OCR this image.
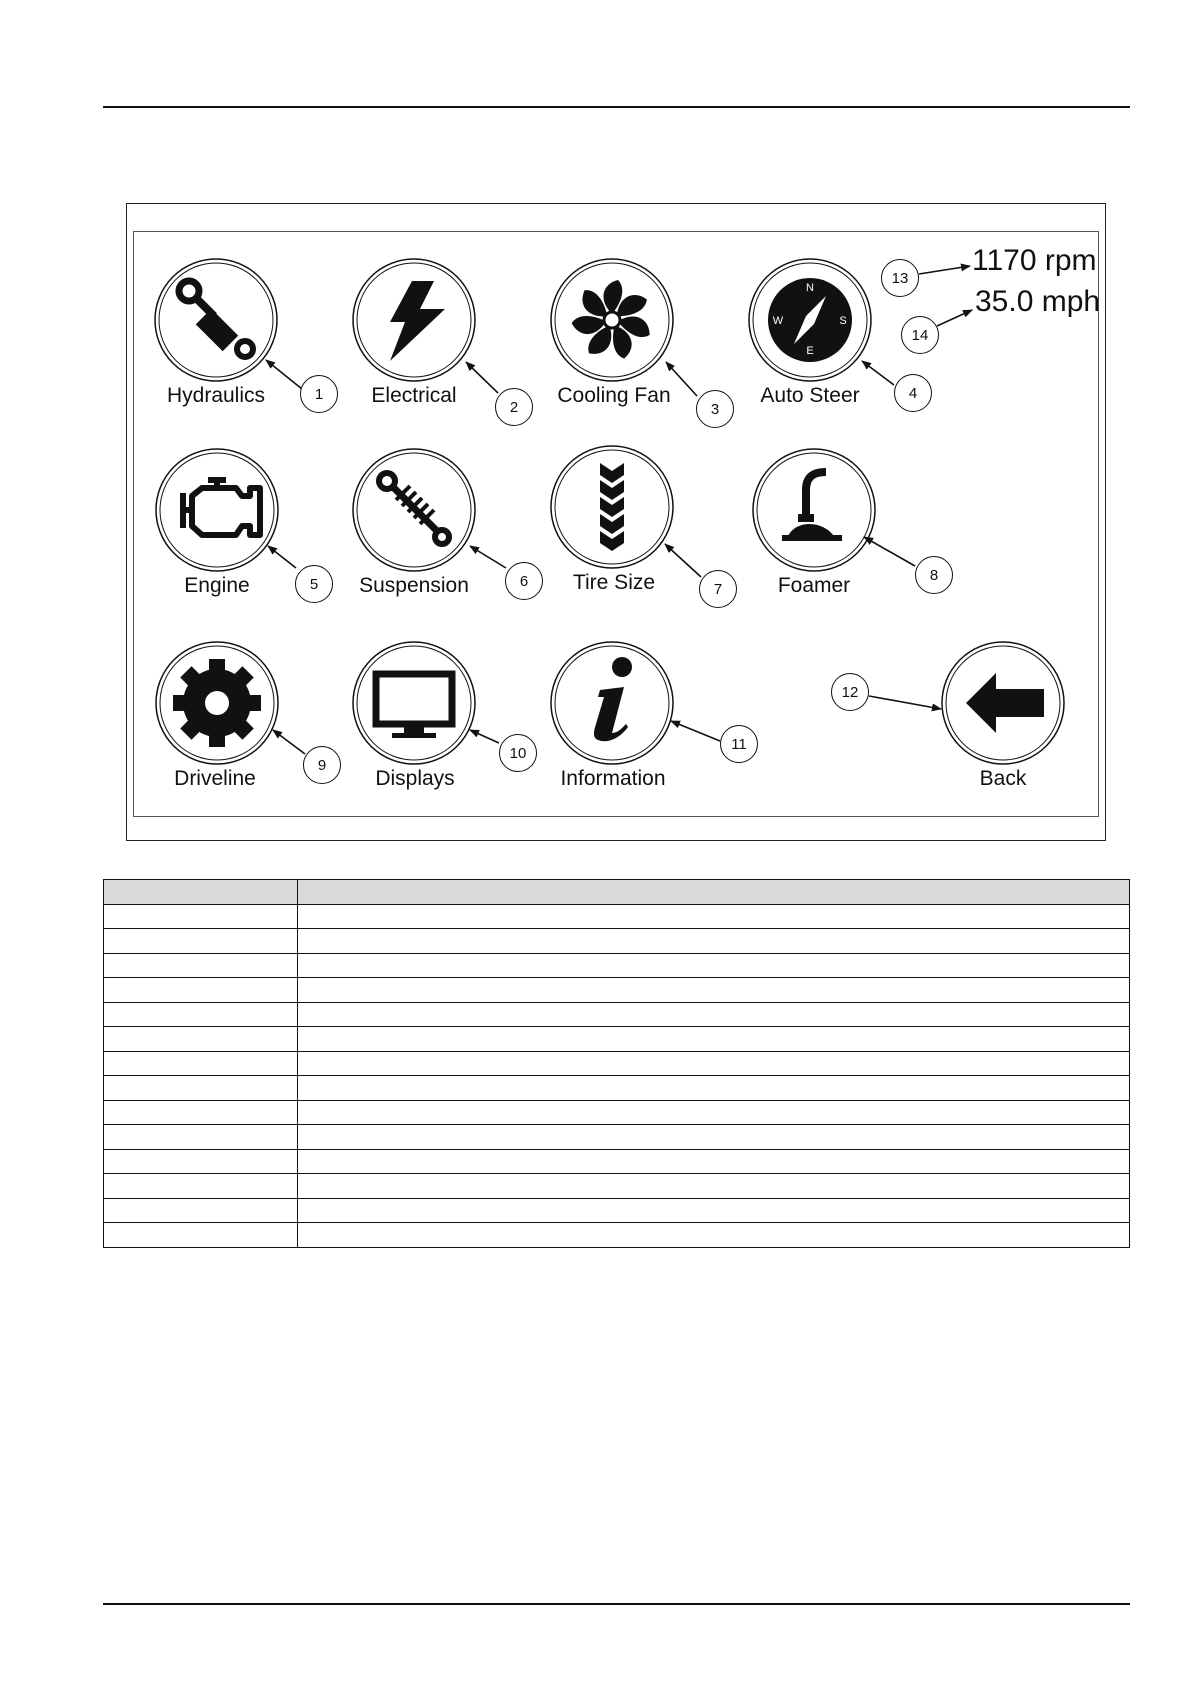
N
S
E
W
Hydraulics	Electrical	Cooling Fan	Auto Steer
Engine	Suspension	Tire Size	Foamer
Driveline	Displays	Information	Back
1170 rpm
35.0 mph
1
2	3
4
5	6	7
8
9
10
11
12
13
14
